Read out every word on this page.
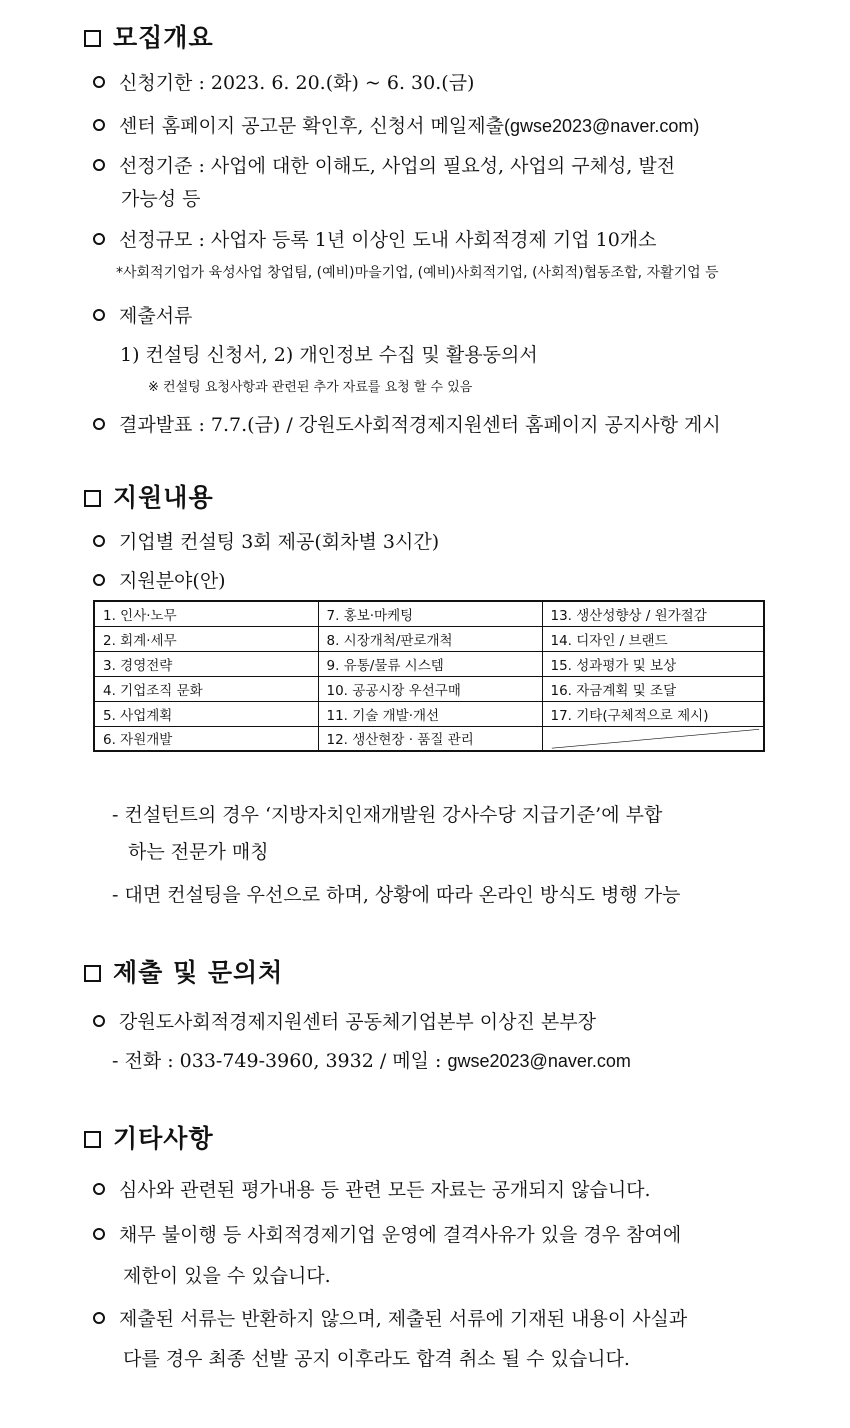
모집개요
신청기한 : 2023. 6. 20.(화) ~ 6. 30.(금)
센터 홈페이지 공고문 확인후, 신청서 메일제출(gwse2023@naver.com)
선정기준 : 사업에 대한 이해도, 사업의 필요성, 사업의 구체성, 발전
가능성 등
선정규모 : 사업자 등록 1년 이상인 도내 사회적경제 기업 10개소
*사회적기업가 육성사업 창업팀, (예비)마을기업, (예비)사회적기업, (사회적)협동조합, 자활기업 등
제출서류
1) 컨설팅 신청서, 2) 개인정보 수집 및 활용동의서
※ 컨설팅 요청사항과 관련된 추가 자료를 요청 할 수 있음
결과발표 : 7.7.(금) / 강원도사회적경제지원센터 홈페이지 공지사항 게시
지원내용
기업별 컨설팅 3회 제공(회차별 3시간)
지원분야(안)
1. 인사·노무	7. 홍보·마케팅	13. 생산성향상 / 원가절감
2. 회계·세무	8. 시장개척/판로개척	14. 디자인 / 브랜드
3. 경영전략	9. 유통/물류 시스템	15. 성과평가 및 보상
4. 기업조직 문화	10. 공공시장 우선구매	16. 자금계획 및 조달
5. 사업계획	11. 기술 개발·개선	17. 기타(구체적으로 제시)
6. 자원개발	12. 생산현장 · 품질 관리	
- 컨설턴트의 경우 ‘지방자치인재개발원 강사수당 지급기준’에 부합
하는 전문가 매칭
- 대면 컨설팅을 우선으로 하며, 상황에 따라 온라인 방식도 병행 가능
제출 및 문의처
강원도사회적경제지원센터 공동체기업본부 이상진 본부장
- 전화 : 033-749-3960, 3932 / 메일 : gwse2023@naver.com
기타사항
심사와 관련된 평가내용 등 관련 모든 자료는 공개되지 않습니다.
채무 불이행 등 사회적경제기업 운영에 결격사유가 있을 경우 참여에
제한이 있을 수 있습니다.
제출된 서류는 반환하지 않으며, 제출된 서류에 기재된 내용이 사실과
다를 경우 최종 선발 공지 이후라도 합격 취소 될 수 있습니다.
